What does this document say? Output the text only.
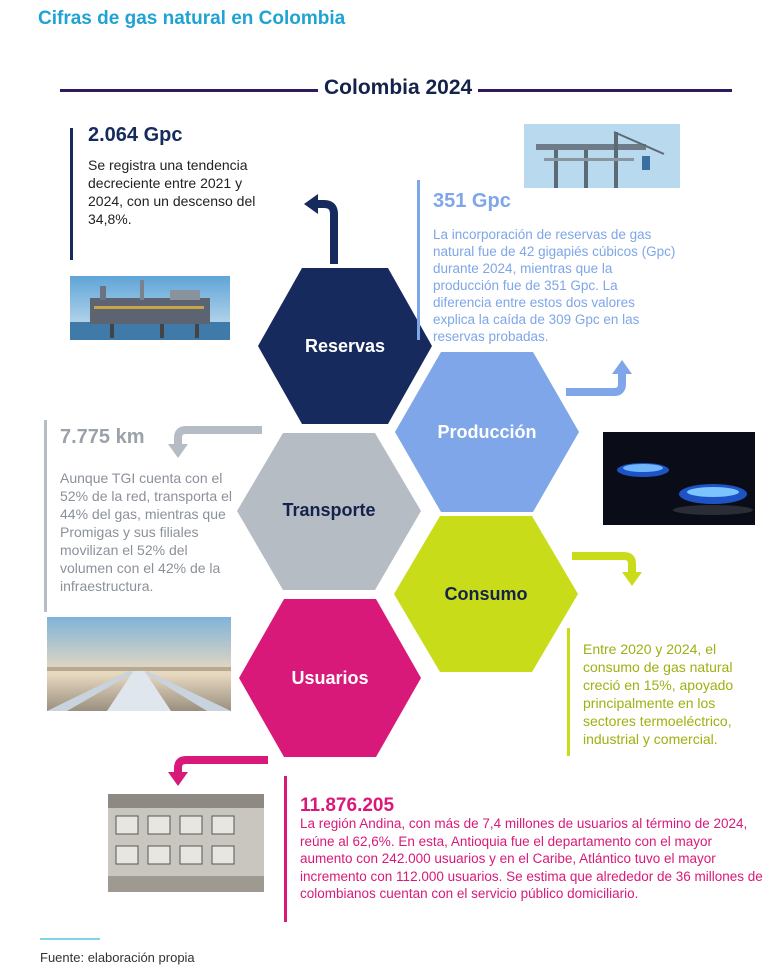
Cifras de gas natural en Colombia
Colombia 2024
Reservas
Producción
Transporte
Consumo
Usuarios
2.064 Gpc
Se registra una tendencia decreciente entre 2021 y 2024, con un descenso del 34,8%.
351 Gpc
La incorporación de reservas de gas natural fue de 42 gigapiés cúbicos (Gpc) durante 2024, mientras que la producción fue de 351 Gpc. La diferencia entre estos dos valores explica la caída de 309 Gpc en las reservas probadas.
7.775 km
Aunque TGI cuenta con el 52% de la red, transporta el 44% del gas, mientras que Promigas y sus filiales movilizan el 52% del volumen con el 42% de la infraestructura.
Entre 2020 y 2024, el consumo de gas natural creció en 15%, apoyado principalmente en los sectores termoeléctrico, industrial y comercial.
11.876.205
La región Andina, con más de 7,4 millones de usuarios al término de 2024, reúne al 62,6%. En esta, Antioquia fue el departamento con el mayor aumento con 242.000 usuarios y en el Caribe, Atlántico tuvo el mayor incremento con 112.000 usuarios. Se estima que alrededor de 36 millones de colombianos cuentan con el servicio público domiciliario.
Fuente: elaboración propia
